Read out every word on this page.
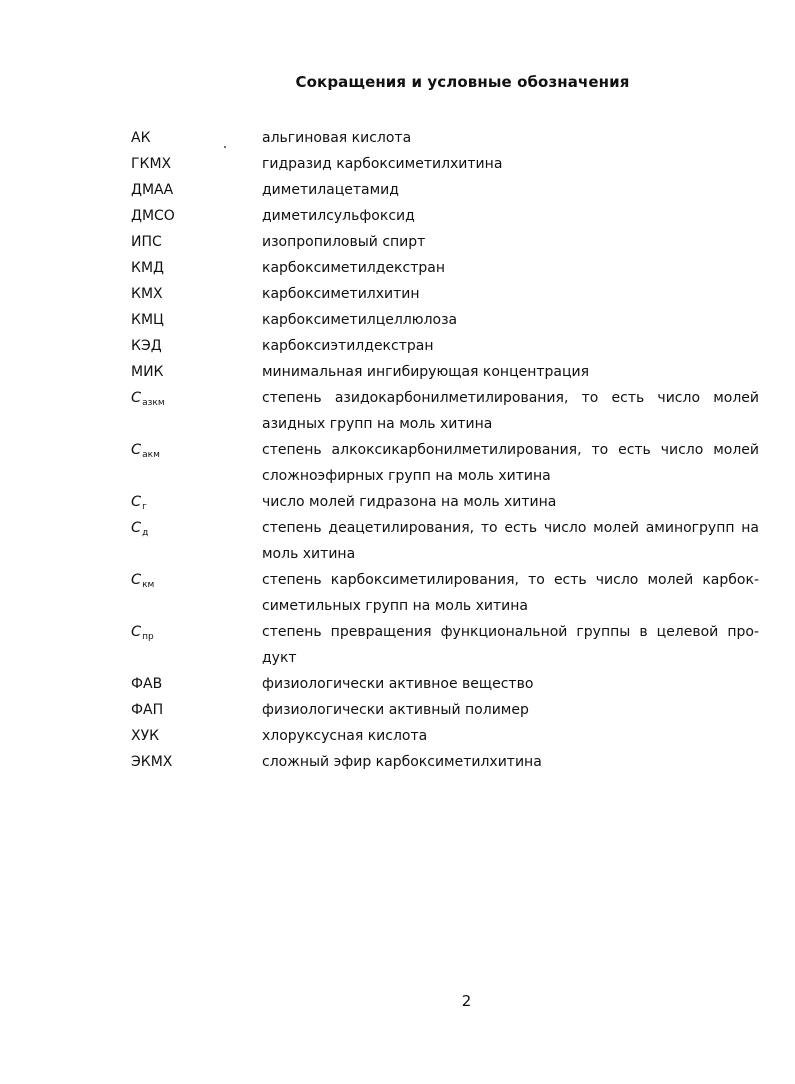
Сокращения и условные обозначения
АК	альгиновая кислота
ГКМХ	гидразид карбоксиметилхитина
ДМАА	диметилацетамид
ДМСО	диметилсульфоксид
ИПС	изопропиловый спирт
КМД	карбоксиметилдекстран
КМХ	карбоксиметилхитин
КМЦ	карбоксиметилцеллюлоза
КЭД	карбоксиэтилдекстран
МИК	минимальная ингибирующая концентрация
$C_{азкм}$	степень азидокарбонилметилирования, то есть число молей азидных групп на моль хитина
$C_{акм}$	степень алкоксикарбонилметилирования, то есть число молей сложноэфирных групп на моль хитина
$C_г$	число молей гидразона на моль хитина
$C_д$	степень деацетилирования, то есть число молей аминогрупп на моль хитина
$C_{км}$	степень карбоксиметилирования, то есть число молей карбоксиметильных групп на моль хитина
$C_{пр}$	степень превращения функциональной группы в целевой продукт
ФАВ	физиологически активное вещество
ФАП	физиологически активный полимер
ХУК	хлоруксусная кислота
ЭКМХ	сложный эфир карбоксиметилхитина
2
